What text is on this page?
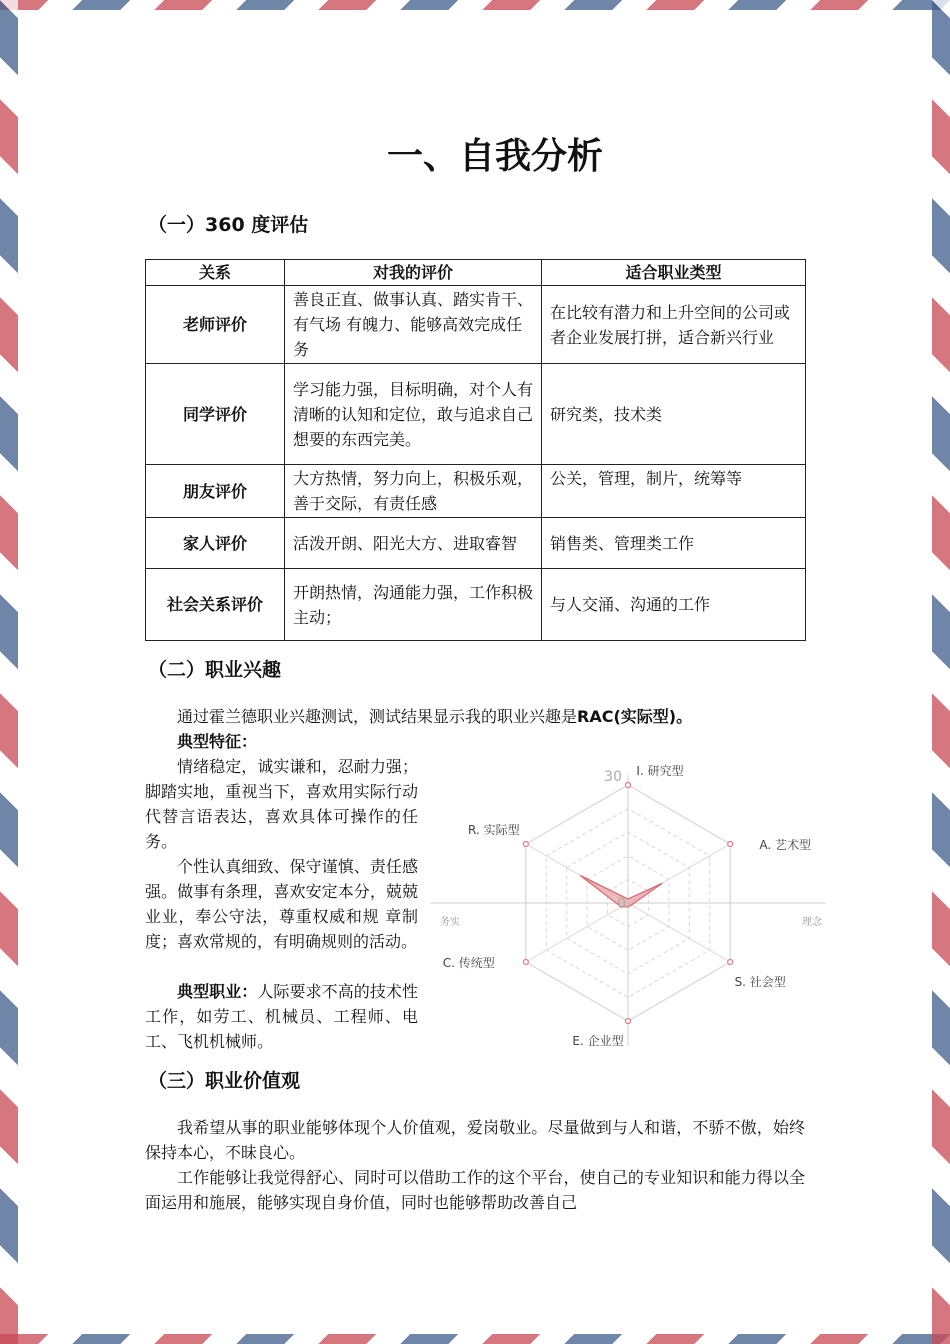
一、自我分析
（一）360 度评估
关系	对我的评价	适合职业类型
老师评价	善良正直、做事认真、踏实肯干、有气场 有魄力、能够高效完成任务	在比较有潜力和上升空间的公司或者企业发展打拼，适合新兴行业
同学评价	学习能力强，目标明确，对个人有清晰的认知和定位，敢与追求自己想要的东西完美。	研究类，技术类
朋友评价	大方热情，努力向上，积极乐观，善于交际，有责任感	公关，管理，制片，统筹等
家人评价	活泼开朗、阳光大方、进取睿智	销售类、管理类工作
社会关系评价	开朗热情，沟通能力强，工作积极主动；	与人交涌、沟通的工作
（二）职业兴趣
通过霍兰德职业兴趣测试，测试结果显示我的职业兴趣是RAC(实际型)。
典型特征：
情绪稳定，诚实谦和，忍耐力强；脚踏实地，重视当下，喜欢用实际行动代替言语表达，喜欢具体可操作的任务。
个性认真细致、保守谨慎、责任感强。做事有条理，喜欢安定本分，兢兢业业，奉公守法，尊重权威和规 章制度；喜欢常规的，有明确规则的活动。
典型职业：人际要求不高的技术性工作，如劳工、机械员、工程师、电工、飞机机械师。
R. 实际型
I. 研究型
A. 艺术型
S. 社会型
E. 企业型
C. 传统型
30
0
务实	理念
（三）职业价值观
我希望从事的职业能够体现个人价值观，爱岗敬业。尽量做到与人和谐，不骄不傲，始终保持本心，不昧良心。
工作能够让我觉得舒心、同时可以借助工作的这个平台，使自己的专业知识和能力得以全面运用和施展，能够实现自身价值，同时也能够帮助改善自己
